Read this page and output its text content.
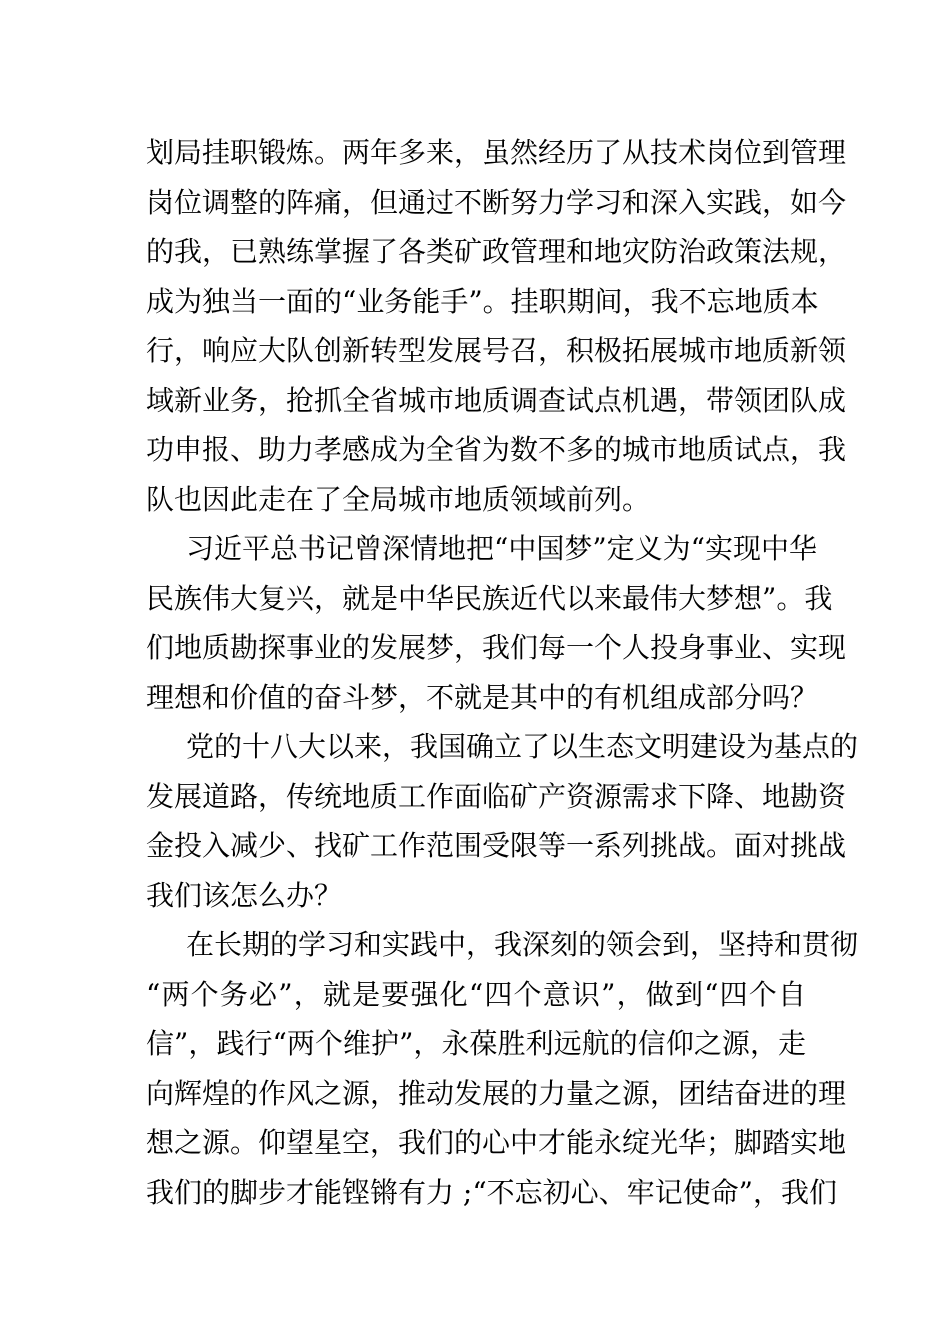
划局挂职锻炼。两年多来，虽然经历了从技术岗位到管理
岗位调整的阵痛，但通过不断努力学习和深入实践，如今
的我，已熟练掌握了各类矿政管理和地灾防治政策法规，
成为独当一面的“业务能手”。挂职期间，我不忘地质本
行，响应大队创新转型发展号召，积极拓展城市地质新领
域新业务，抢抓全省城市地质调查试点机遇，带领团队成
功申报、助力孝感成为全省为数不多的城市地质试点，我
队也因此走在了全局城市地质领域前列。
习近平总书记曾深情地把“中国梦”定义为“实现中华
民族伟大复兴，就是中华民族近代以来最伟大梦想”。我
们地质勘探事业的发展梦，我们每一个人投身事业、实现
理想和价值的奋斗梦，不就是其中的有机组成部分吗？
党的十八大以来，我国确立了以生态文明建设为基点的
发展道路，传统地质工作面临矿产资源需求下降、地勘资
金投入减少、找矿工作范围受限等一系列挑战。面对挑战
我们该怎么办？
在长期的学习和实践中，我深刻的领会到，坚持和贯彻
“两个务必”，就是要强化“四个意识”，做到“四个自
信”，践行“两个维护”，永葆胜利远航的信仰之源，走
向辉煌的作风之源，推动发展的力量之源，团结奋进的理
想之源。仰望星空，我们的心中才能永绽光华；脚踏实地
我们的脚步才能铿锵有力 ;“不忘初心、牢记使命”，我们
